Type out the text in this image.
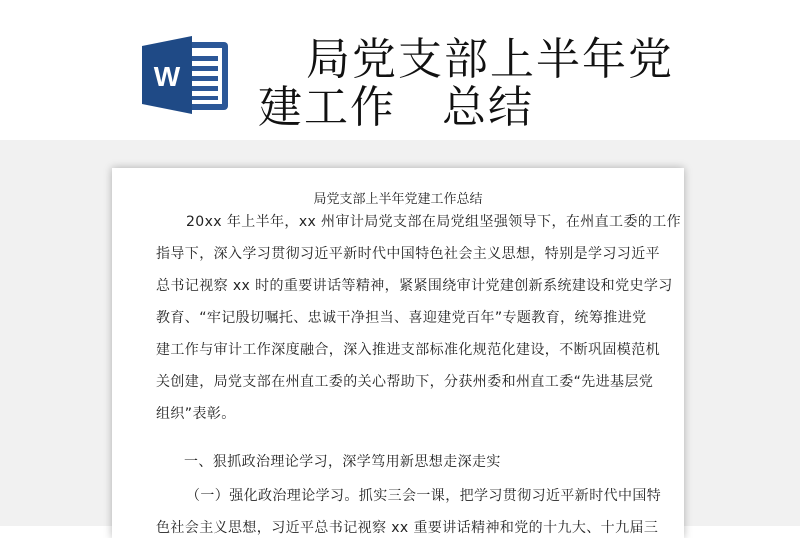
W	局党支部上半年党
建工作　总结
局党支部上半年党建工作总结
20xx 年上半年，xx 州审计局党支部在局党组坚强领导下，在州直工委的工作
指导下，深入学习贯彻习近平新时代中国特色社会主义思想，特别是学习习近平
总书记视察 xx 时的重要讲话等精神，紧紧围绕审计党建创新系统建设和党史学习
教育、“牢记殷切嘱托、忠诚干净担当、喜迎建党百年”专题教育，统筹推进党
建工作与审计工作深度融合，深入推进支部标准化规范化建设，不断巩固模范机
关创建，局党支部在州直工委的关心帮助下，分获州委和州直工委“先进基层党
组织”表彰。
一、狠抓政治理论学习，深学笃用新思想走深走实
（一）强化政治理论学习。抓实三会一课，把学习贯彻习近平新时代中国特
色社会主义思想，习近平总书记视察 xx 重要讲话精神和党的十九大、十九届三
